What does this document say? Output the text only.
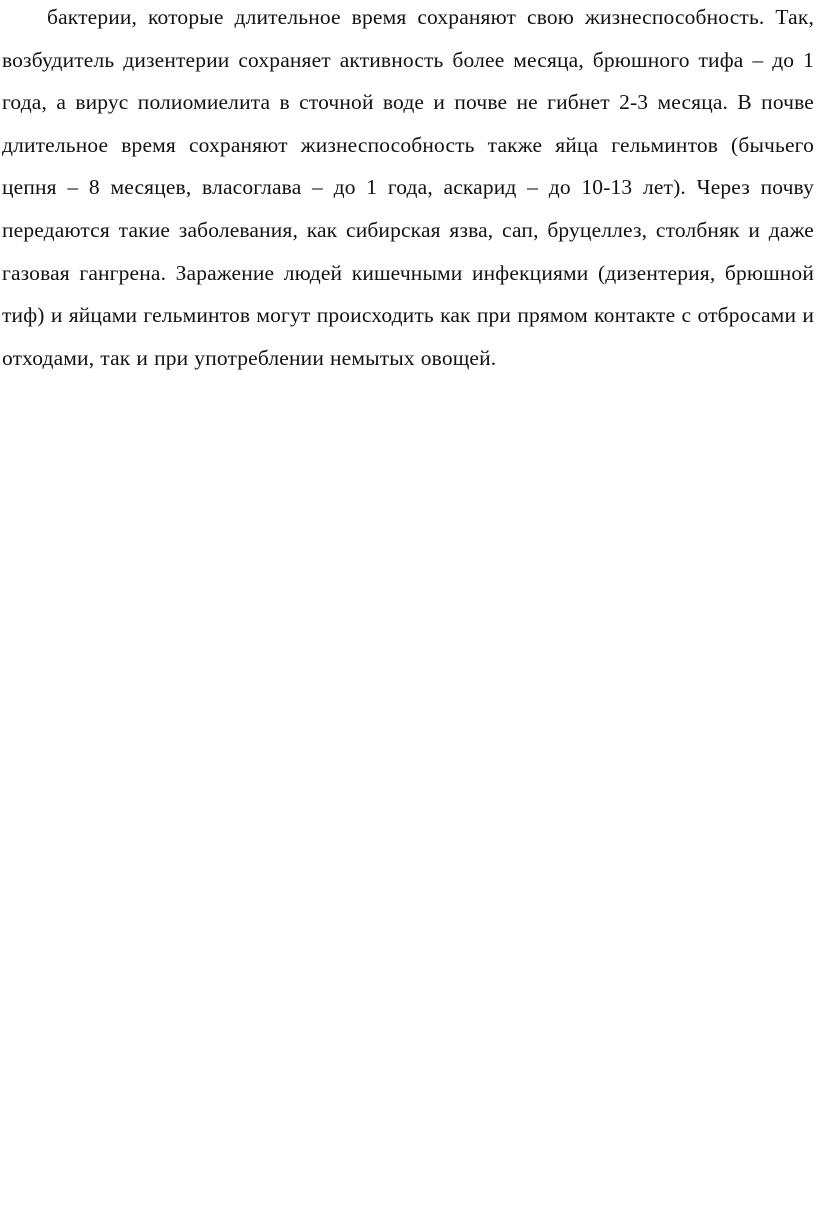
бактерии, которые длительное время сохраняют свою жизнеспособность. Так, возбудитель дизентерии сохраняет активность более месяца, брюшного тифа – до 1 года, а вирус полиомиелита в сточной воде и почве не гибнет 2-3 месяца. В почве длительное время сохраняют жизнеспособность также яйца гельминтов (бычьего цепня – 8 месяцев, власоглава – до 1 года, аскарид – до 10-13 лет). Через почву передаются такие заболевания, как сибирская язва, сап, бруцеллез, столбняк и даже газовая гангрена. Заражение людей кишечными инфекциями (дизентерия, брюшной тиф) и яйцами гельминтов могут происходить как при прямом контакте с отбросами и отходами, так и при употреблении немытых овощей.
